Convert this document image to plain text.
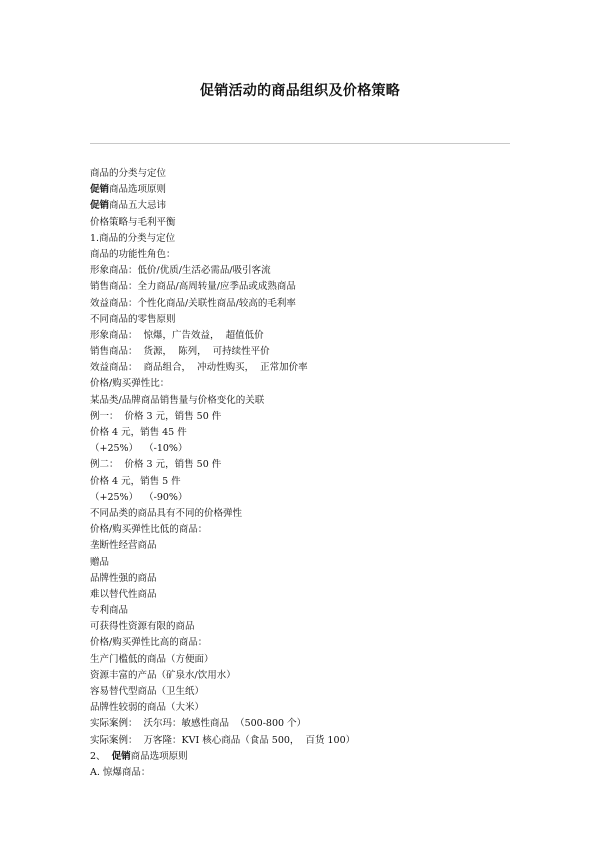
促销活动的商品组织及价格策略
商品的分类与定位
促销商品选项原则
促销商品五大忌讳
价格策略与毛利平衡
1.商品的分类与定位
商品的功能性角色：
形象商品：低价/优质/生活必需品/吸引客流
销售商品：全力商品/高周转量/应季品或成熟商品
效益商品：个性化商品/关联性商品/较高的毛利率
不同商品的零售原则
形象商品：  惊爆，广告效益，  超值低价
销售商品：  货源，  陈列，  可持续性平价
效益商品：  商品组合，  冲动性购买，  正常加价率
价格/购买弹性比：
某品类/品牌商品销售量与价格变化的关联
例一：  价格 3 元，销售 50 件
价格 4 元，销售 45 件
（+25%）  （-10%）
例二：  价格 3 元，销售 50 件
价格 4 元，销售 5 件
（+25%）  （-90%）
不同品类的商品具有不同的价格弹性
价格/购买弹性比低的商品：
垄断性经营商品
赠品
品牌性强的商品
难以替代性商品
专利商品
可获得性资源有限的商品
价格/购买弹性比高的商品：
生产门槛低的商品（方便面）
资源丰富的产品（矿泉水/饮用水）
容易替代型商品（卫生纸）
品牌性较弱的商品（大米）
实际案例：  沃尔玛：敏感性商品  （500-800 个）
实际案例：  万客隆：KVI 核心商品（食品 500，  百货 100）
2、  促销商品选项原则
A. 惊爆商品：
